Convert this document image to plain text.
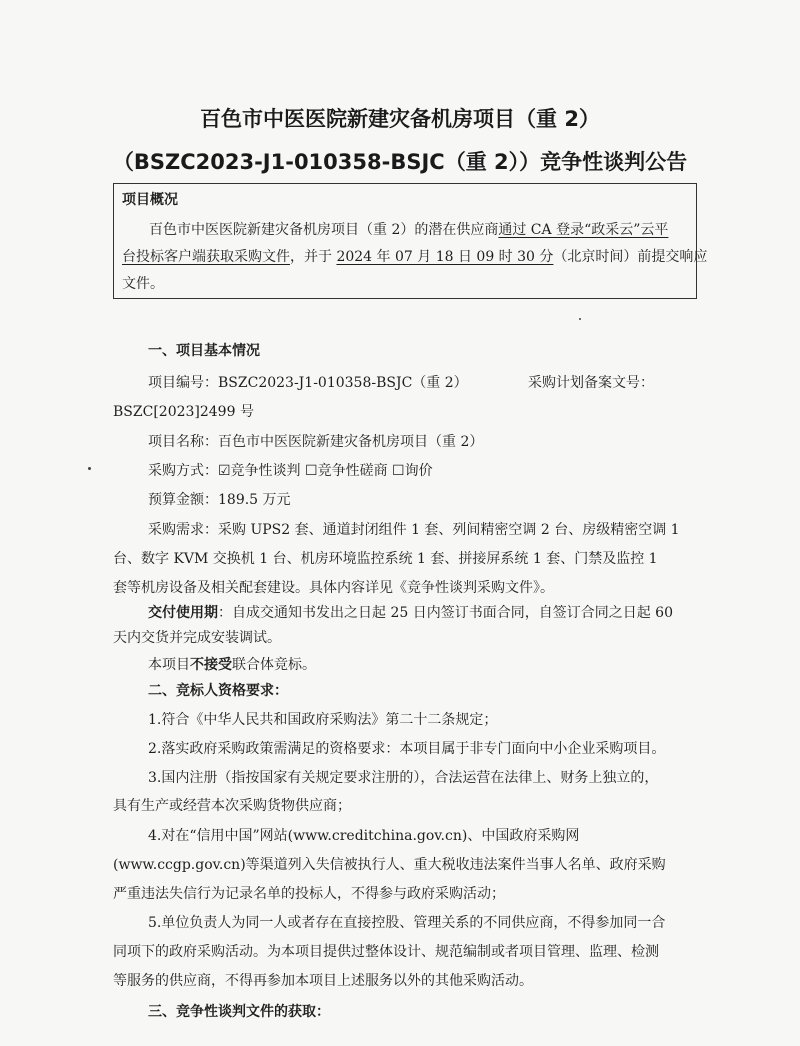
百色市中医医院新建灾备机房项目（重 2）
（BSZC2023-J1-010358-BSJC（重 2））竞争性谈判公告
项目概况
百色市中医医院新建灾备机房项目（重 2）的潜在供应商通过 CA 登录“政采云”云平
台投标客户端获取采购文件，并于 2024 年 07 月 18 日 09 时 30 分（北京时间）前提交响应
文件。
一、项目基本情况
项目编号：BSZC2023-J1-010358-BSJC（重 2）	采购计划备案文号：
BSZC[2023]2499 号
项目名称：百色市中医医院新建灾备机房项目（重 2）
采购方式：☑竞争性谈判 ☐竞争性磋商 ☐询价
预算金额：189.5 万元
采购需求：采购 UPS2 套、通道封闭组件 1 套、列间精密空调 2 台、房级精密空调 1
台、数字 KVM 交换机 1 台、机房环境监控系统 1 套、拼接屏系统 1 套、门禁及监控 1
套等机房设备及相关配套建设。具体内容详见《竞争性谈判采购文件》。
交付使用期：自成交通知书发出之日起 25 日内签订书面合同，自签订合同之日起 60
天内交货并完成安装调试。
本项目不接受联合体竞标。
二、竞标人资格要求：
1.符合《中华人民共和国政府采购法》第二十二条规定；
2.落实政府采购政策需满足的资格要求：本项目属于非专门面向中小企业采购项目。
3.国内注册（指按国家有关规定要求注册的），合法运营在法律上、财务上独立的，
具有生产或经营本次采购货物供应商；
4.对在“信用中国”网站(www.creditchina.gov.cn)、中国政府采购网
(www.ccgp.gov.cn)等渠道列入失信被执行人、重大税收违法案件当事人名单、政府采购
严重违法失信行为记录名单的投标人，不得参与政府采购活动；
5.单位负责人为同一人或者存在直接控股、管理关系的不同供应商，不得参加同一合
同项下的政府采购活动。为本项目提供过整体设计、规范编制或者项目管理、监理、检测
等服务的供应商，不得再参加本项目上述服务以外的其他采购活动。
三、竞争性谈判文件的获取：
